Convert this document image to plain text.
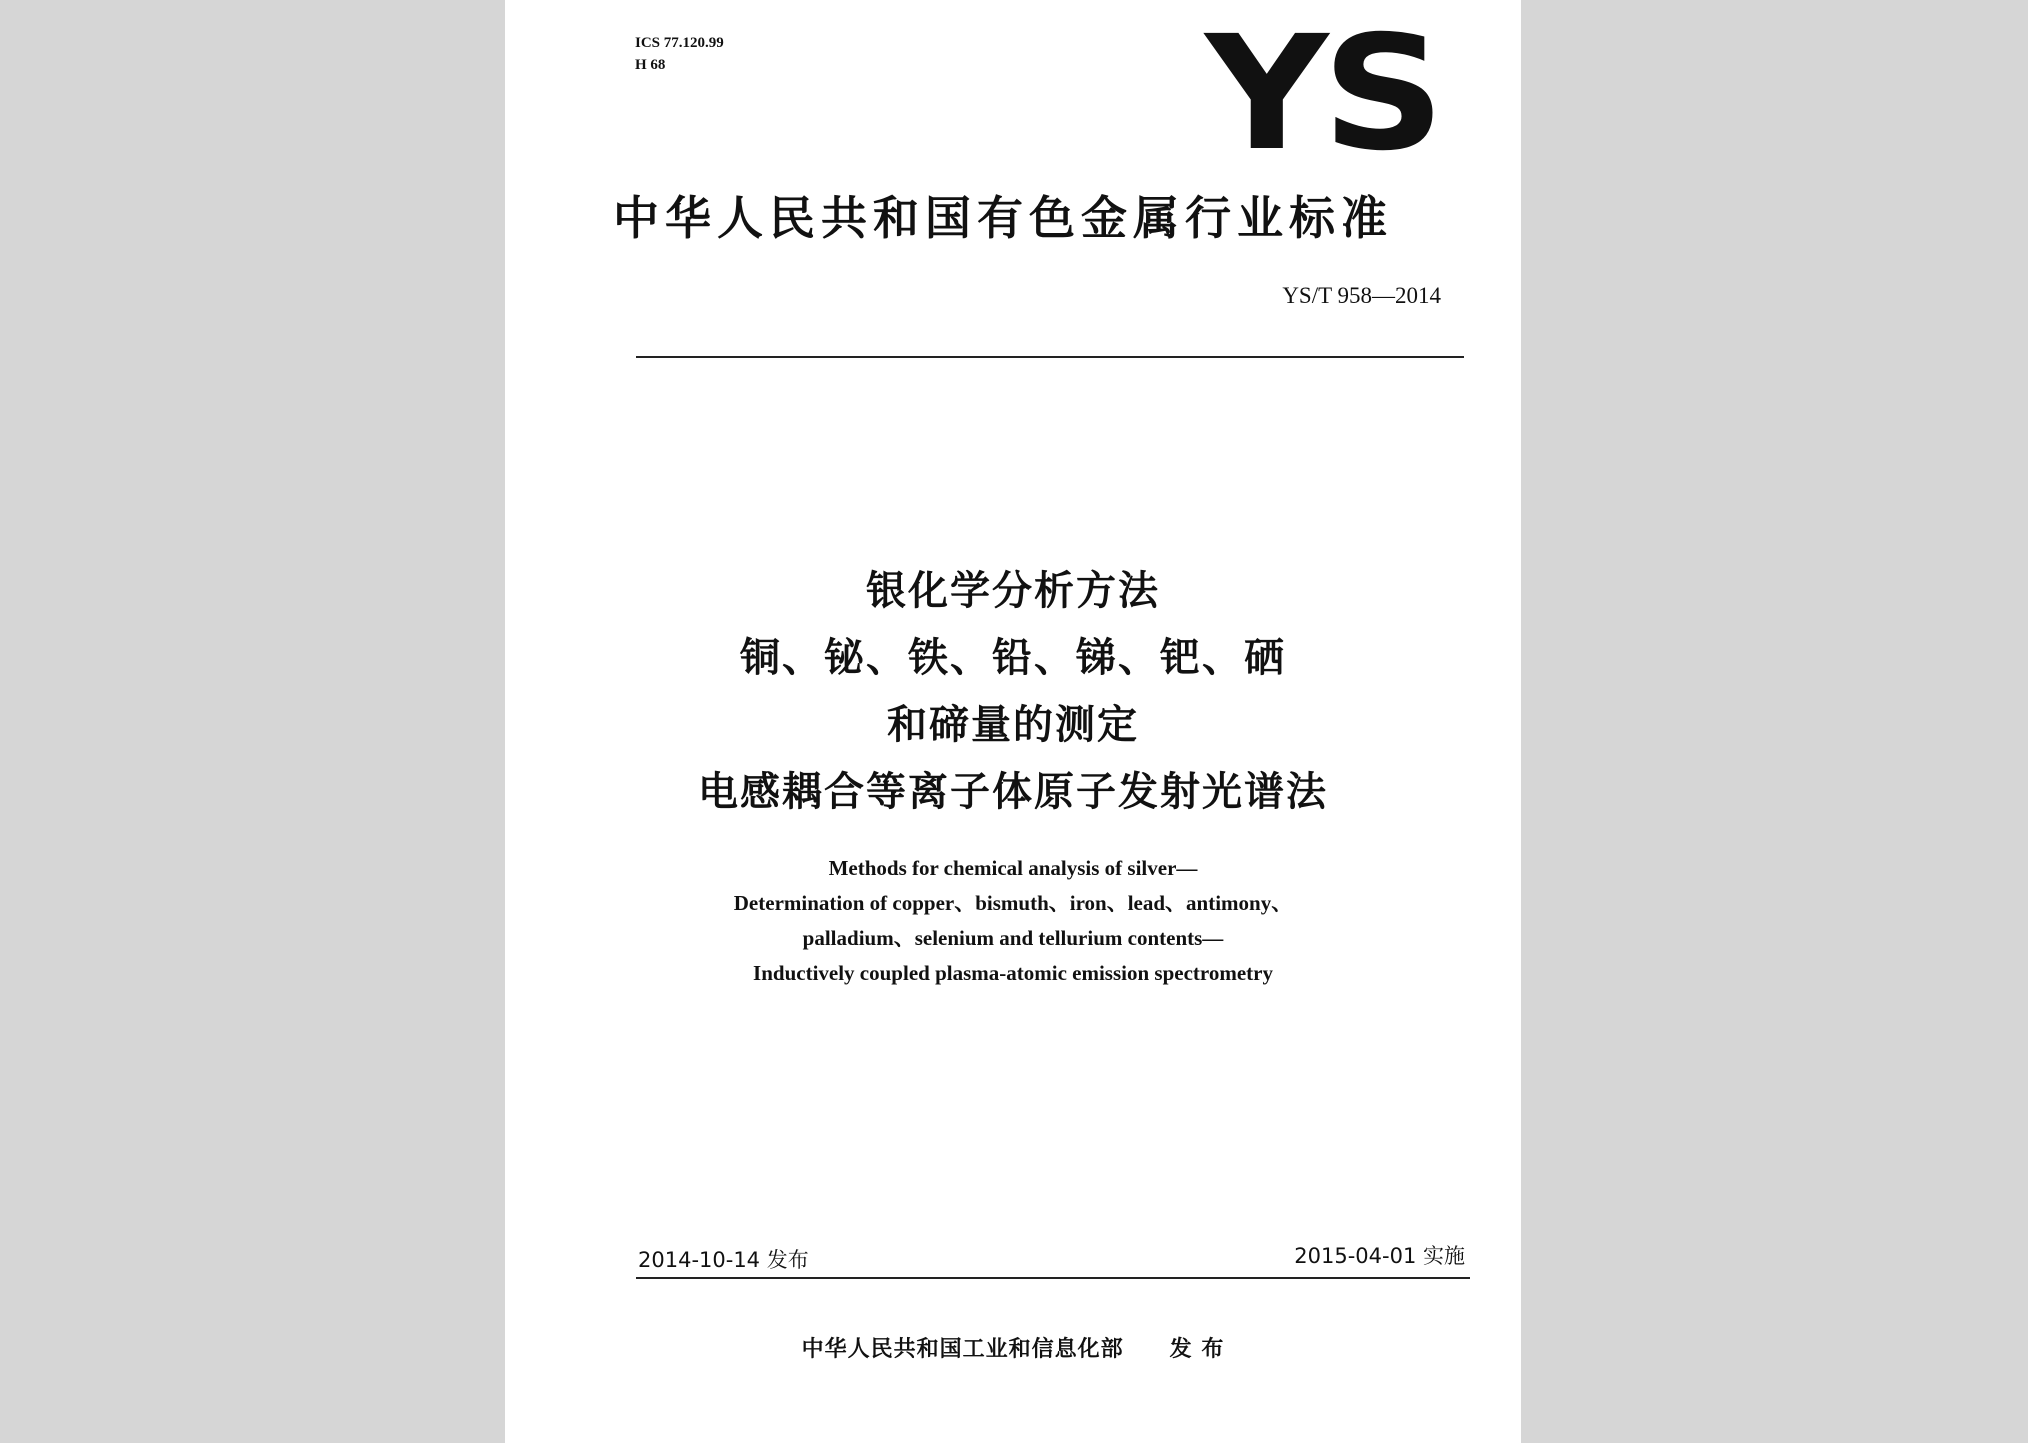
ICS 77.120.99
H 68	YS
中华人民共和国有色金属行业标准
YS/T 958—2014
银化学分析方法
铜、铋、铁、铅、锑、钯、硒
和碲量的测定
电感耦合等离子体原子发射光谱法
Methods for chemical analysis of silver—
Determination of copper、bismuth、iron、lead、antimony、
palladium、selenium and tellurium contents—
Inductively coupled plasma-atomic emission spectrometry
2014-10-14 发布	2015-04-01 实施
中华人民共和国工业和信息化部 发 布
